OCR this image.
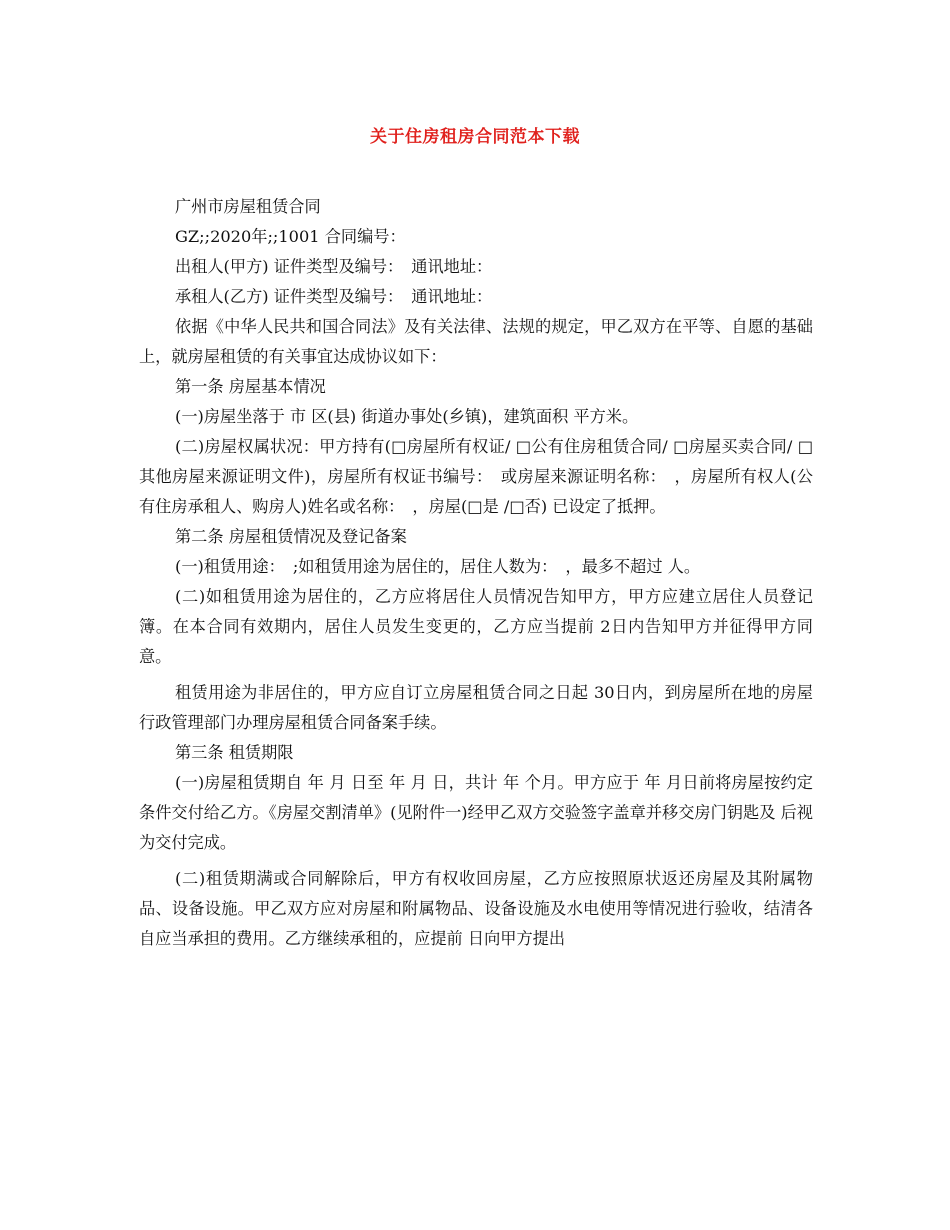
关于住房租房合同范本下载

广州市房屋租赁合同

GZ;;2020年;;1001 合同编号：

出租人(甲方) 证件类型及编号：　通讯地址：

承租人(乙方) 证件类型及编号：　通讯地址：

依据《中华人民共和国合同法》及有关法律、法规的规定，甲乙双方在平等、自愿的基础上，就房屋租赁的有关事宜达成协议如下：

第一条 房屋基本情况

(一)房屋坐落于 市 区(县) 街道办事处(乡镇)，建筑面积 平方米。

(二)房屋权属状况：甲方持有(□房屋所有权证/ □公有住房租赁合同/ □房屋买卖合同/ □其他房屋来源证明文件)，房屋所有权证书编号：　或房屋来源证明名称：　，房屋所有权人(公有住房承租人、购房人)姓名或名称：　，房屋(□是 /□否) 已设定了抵押。

第二条 房屋租赁情况及登记备案

(一)租赁用途：　;如租赁用途为居住的，居住人数为：　，最多不超过 人。

(二)如租赁用途为居住的，乙方应将居住人员情况告知甲方，甲方应建立居住人员登记簿。在本合同有效期内，居住人员发生变更的，乙方应当提前 2日内告知甲方并征得甲方同意。

租赁用途为非居住的，甲方应自订立房屋租赁合同之日起 30日内，到房屋所在地的房屋行政管理部门办理房屋租赁合同备案手续。

第三条 租赁期限

(一)房屋租赁期自 年 月 日至 年 月 日，共计 年 个月。甲方应于 年 月日前将房屋按约定条件交付给乙方。《房屋交割清单》(见附件一)经甲乙双方交验签字盖章并移交房门钥匙及 后视为交付完成。

(二)租赁期满或合同解除后，甲方有权收回房屋，乙方应按照原状返还房屋及其附属物品、设备设施。甲乙双方应对房屋和附属物品、设备设施及水电使用等情况进行验收，结清各自应当承担的费用。乙方继续承租的，应提前 日向甲方提出
